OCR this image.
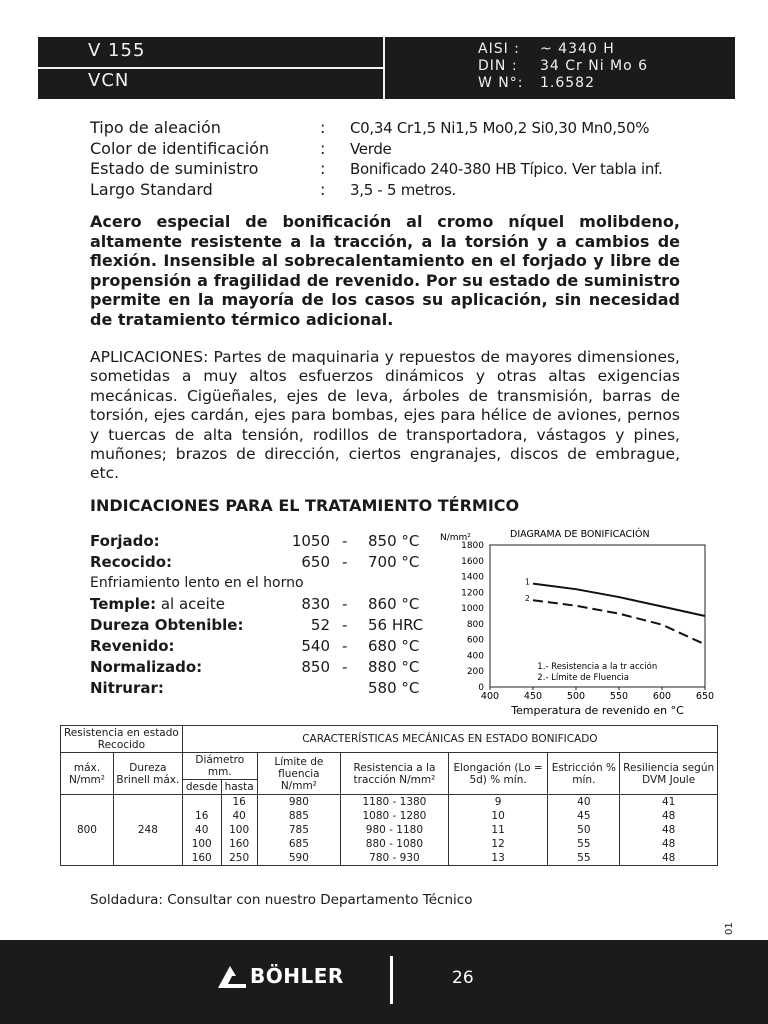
V 155
VCN
AISI :	~ 4340 H
DIN :	34 Cr Ni Mo 6
W N°:	1.6582
Tipo de aleación	:	C0,34 Cr1,5 Ni1,5 Mo0,2 Si0,30 Mn0,50%
Color de identificación	:	Verde
Estado de suministro	:	Bonificado 240-380 HB Típico. Ver tabla inf.
Largo Standard	:	3,5 - 5 metros.
Acero especial de bonificación al cromo níquel molibdeno, altamente resistente a la tracción, a la torsión y a cambios de flexión. Insensible al sobrecalentamiento en el forjado y libre de propensión a fragilidad de revenido. Por su estado de suministro permite en la mayoría de los casos su aplicación, sin necesidad de tratamiento térmico adicional.
APLICACIONES: Partes de maquinaria y repuestos de mayores dimensiones, sometidas a muy altos esfuerzos dinámicos y otras altas exigencias mecánicas. Cigüeñales, ejes de leva, árboles de transmisión, barras de torsión, ejes cardán, ejes para bombas, ejes para hélice de aviones, pernos y tuercas de alta tensión, rodillos de transportadora, vástagos y pines, muñones; brazos de dirección, ciertos engranajes, discos de embrague, etc.
INDICACIONES PARA EL TRATAMIENTO TÉRMICO
Forjado:	1050 - 850 °C
Recocido:	650 - 700 °C
Enfriamiento lento en el horno
Temple: al aceite	830 - 860 °C
Dureza Obtenible:	52 - 56 HRC
Revenido:	540 - 680 °C
Normalizado:	850 - 880 °C
Nitrurar:	580 °C
N/mm²	DIAGRAMA DE BONIFICACIÓN
0
200
400
600
800
1000
1200
1400
1600
1800
400	450	500	550	600	650
Temperatura de revenido en °C
1
2
1.- Resistencia a la tr acción
2.- Límite de Fluencia
Resistencia en estado Recocido		CARACTERÍSTICAS MECÁNICAS EN ESTADO BONIFICADO						
máx. N/mm²	Dureza Brinell máx.	Diámetro mm.		Límite de fluencia N/mm²	Resistencia a la tracción N/mm²	Elongación (Lo = 5d) % mín.	Estricción % mín.	Resiliencia según DVM Joule
		desde	hasta					
800	248		16	980	1180 - 1380	9	40	41
		16	40	885	1080 - 1280	10	45	48
		40	100	785	980 - 1180	11	50	48
		100	160	685	880 - 1080	12	55	48
		160	250	590	780 - 930	13	55	48
Soldadura: Consultar con nuestro Departamento Técnico
01
BÖHLER	26
